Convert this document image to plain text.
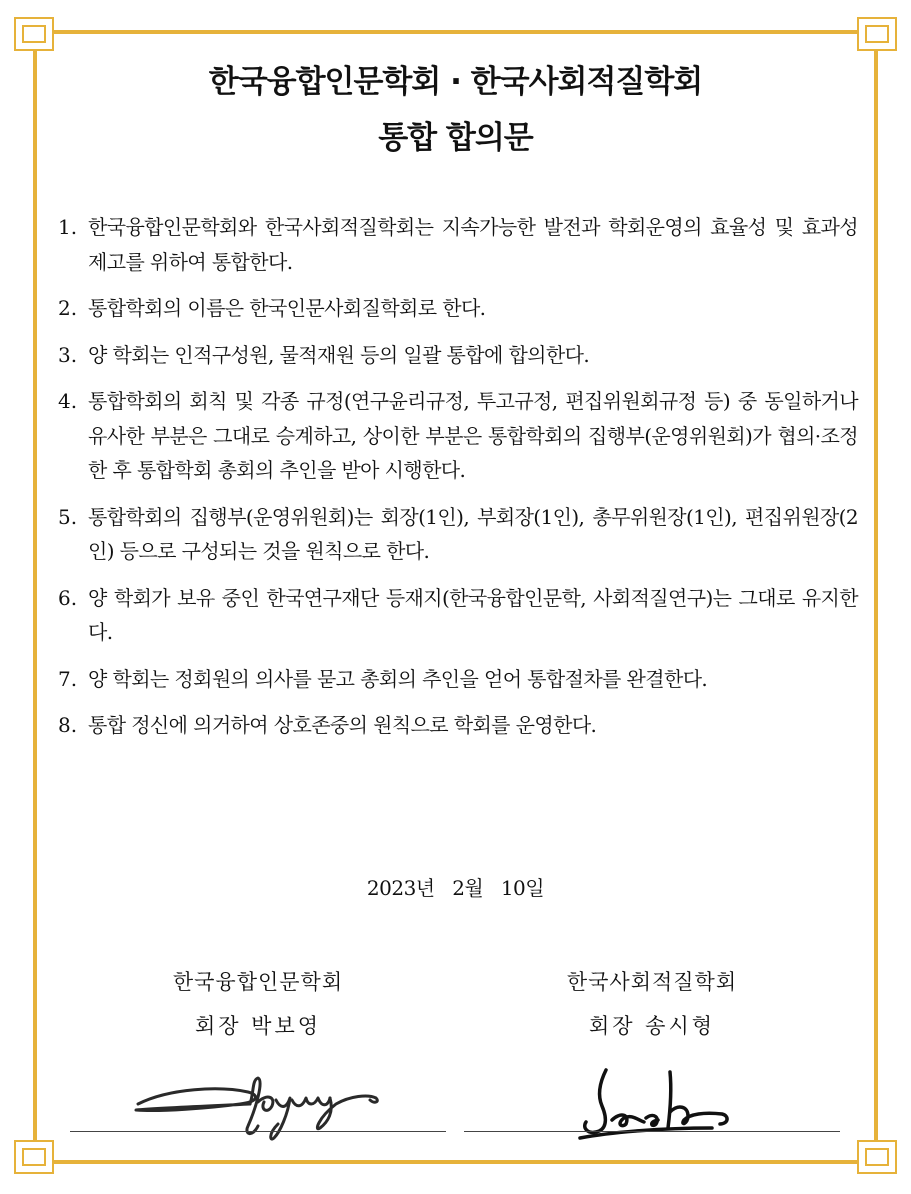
한국융합인문학회 · 한국사회적질학회
통합 합의문
1. 한국융합인문학회와 한국사회적질학회는 지속가능한 발전과 학회운영의 효율성 및 효과성 제고를 위하여 통합한다.
2. 통합학회의 이름은 한국인문사회질학회로 한다.
3. 양 학회는 인적구성원, 물적재원 등의 일괄 통합에 합의한다.
4. 통합학회의 회칙 및 각종 규정(연구윤리규정, 투고규정, 편집위원회규정 등) 중 동일하거나 유사한 부분은 그대로 승계하고, 상이한 부분은 통합학회의 집행부(운영위원회)가 협의·조정한 후 통합학회 총회의 추인을 받아 시행한다.
5. 통합학회의 집행부(운영위원회)는 회장(1인), 부회장(1인), 총무위원장(1인), 편집위원장(2인) 등으로 구성되는 것을 원칙으로 한다.
6. 양 학회가 보유 중인 한국연구재단 등재지(한국융합인문학, 사회적질연구)는 그대로 유지한다.
7. 양 학회는 정회원의 의사를 묻고 총회의 추인을 얻어 통합절차를 완결한다.
8. 통합 정신에 의거하여 상호존중의 원칙으로 학회를 운영한다.
2023년   2월   10일
한국융합인문학회
회장 박보영
한국사회적질학회
회장 송시형
